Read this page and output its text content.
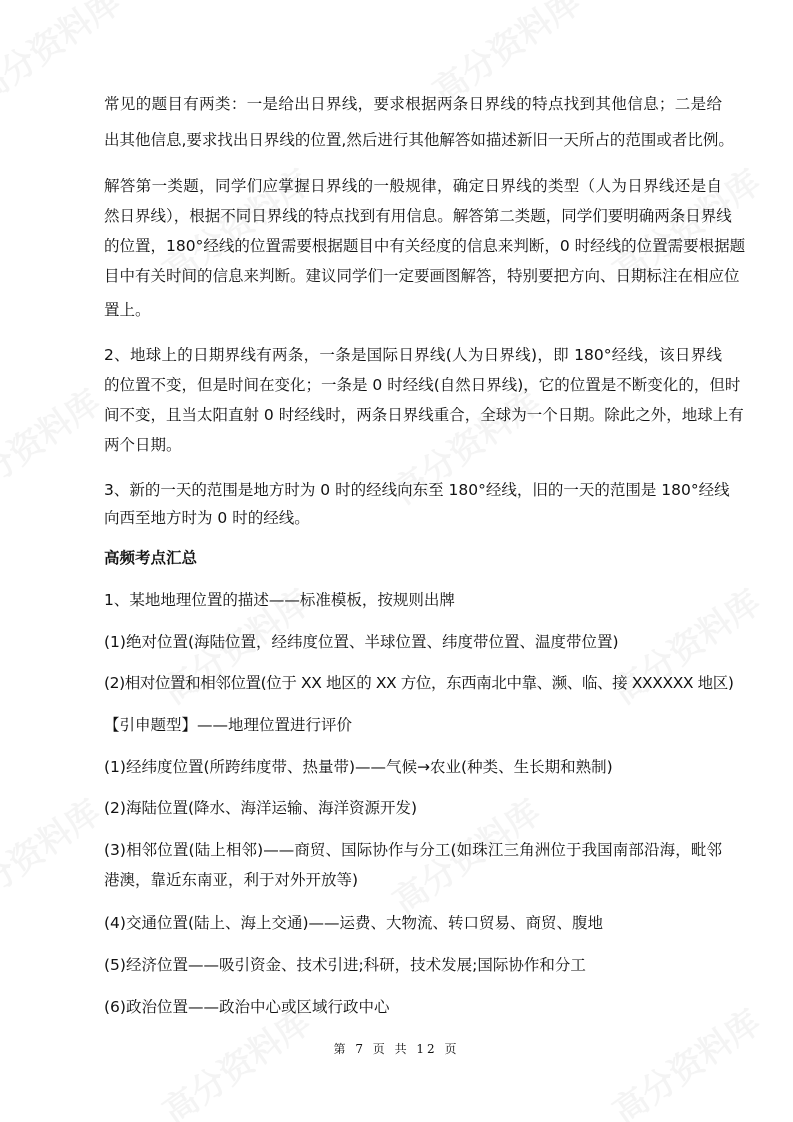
常见的题目有两类：一是给出日界线，要求根据两条日界线的特点找到其他信息；二是给
出其他信息,要求找出日界线的位置,然后进行其他解答如描述新旧一天所占的范围或者比例。
解答第一类题，同学们应掌握日界线的一般规律，确定日界线的类型（人为日界线还是自
然日界线），根据不同日界线的特点找到有用信息。解答第二类题，同学们要明确两条日界线
的位置，180°经线的位置需要根据题目中有关经度的信息来判断，0 时经线的位置需要根据题
目中有关时间的信息来判断。建议同学们一定要画图解答，特别要把方向、日期标注在相应位
置上。
2、地球上的日期界线有两条，一条是国际日界线(人为日界线)，即 180°经线，该日界线
的位置不变，但是时间在变化；一条是 0 时经线(自然日界线)，它的位置是不断变化的，但时
间不变，且当太阳直射 0 时经线时，两条日界线重合，全球为一个日期。除此之外，地球上有
两个日期。
3、新的一天的范围是地方时为 0 时的经线向东至 180°经线，旧的一天的范围是 180°经线
向西至地方时为 0 时的经线。
高频考点汇总
1、某地地理位置的描述——标准模板，按规则出牌
(1)绝对位置(海陆位置，经纬度位置、半球位置、纬度带位置、温度带位置)
(2)相对位置和相邻位置(位于 XX 地区的 XX 方位，东西南北中靠、濒、临、接 XXXXXX 地区)
【引申题型】——地理位置进行评价
(1)经纬度位置(所跨纬度带、热量带)——气候→农业(种类、生长期和熟制)
(2)海陆位置(降水、海洋运输、海洋资源开发)
(3)相邻位置(陆上相邻)——商贸、国际协作与分工(如珠江三角洲位于我国南部沿海，毗邻
港澳，靠近东南亚，利于对外开放等)
(4)交通位置(陆上、海上交通)——运费、大物流、转口贸易、商贸、腹地
(5)经济位置——吸引资金、技术引进;科研，技术发展;国际协作和分工
(6)政治位置——政治中心或区域行政中心
第 7 页 共 12 页
